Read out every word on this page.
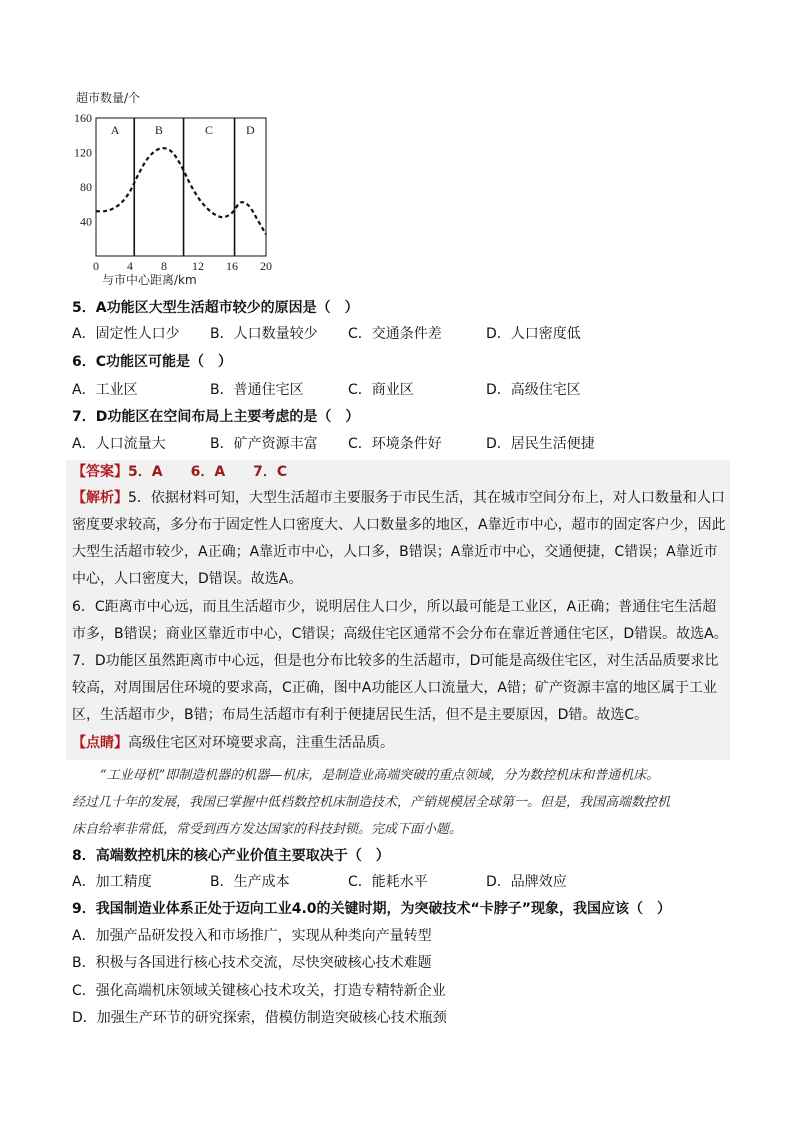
超市数量/个
A	B	C	D
40
80
120
160
0 4 8 12 16 20
与市中心距离/km
5．A功能区大型生活超市较少的原因是（　）
A．固定性人口少 B．人口数量较少 C．交通条件差	D．人口密度低
6．C功能区可能是（　）
A．工业区	B．普通住宅区	C．商业区	D．高级住宅区
7．D功能区在空间布局上主要考虑的是（　）
A．人口流量大	B．矿产资源丰富 C．环境条件好	D．居民生活便捷
【答案】5．A　　6．A　　7．C
【解析】5．依据材料可知，大型生活超市主要服务于市民生活，其在城市空间分布上，对人口数量和人口
密度要求较高，多分布于固定性人口密度大、人口数量多的地区，A靠近市中心，超市的固定客户少，因此
大型生活超市较少，A正确；A靠近市中心，人口多，B错误；A靠近市中心，交通便捷，C错误；A靠近市
中心，人口密度大，D错误。故选A。
6．C距离市中心远，而且生活超市少，说明居住人口少，所以最可能是工业区，A正确；普通住宅生活超
市多，B错误；商业区靠近市中心，C错误；高级住宅区通常不会分布在靠近普通住宅区，D错误。故选A。
7．D功能区虽然距离市中心远，但是也分布比较多的生活超市，D可能是高级住宅区，对生活品质要求比
较高，对周围居住环境的要求高，C正确，图中A功能区人口流量大，A错；矿产资源丰富的地区属于工业
区，生活超市少，B错；布局生活超市有利于便捷居民生活，但不是主要原因，D错。故选C。
【点睛】高级住宅区对环境要求高，注重生活品质。
“工业母机”即制造机器的机器—机床，是制造业高端突破的重点领域，分为数控机床和普通机床。
经过几十年的发展，我国已掌握中低档数控机床制造技术，产销规模居全球第一。但是，我国高端数控机
床自给率非常低，常受到西方发达国家的科技封锁。完成下面小题。
8．高端数控机床的核心产业价值主要取决于（　）
A．加工精度	B．生产成本	C．能耗水平	D．品牌效应
9．我国制造业体系正处于迈向工业4.0的关键时期，为突破技术“卡脖子”现象，我国应该（　）
A．加强产品研发投入和市场推广，实现从种类向产量转型
B．积极与各国进行核心技术交流，尽快突破核心技术难题
C．强化高端机床领域关键核心技术攻关，打造专精特新企业
D．加强生产环节的研究探索，借模仿制造突破核心技术瓶颈
